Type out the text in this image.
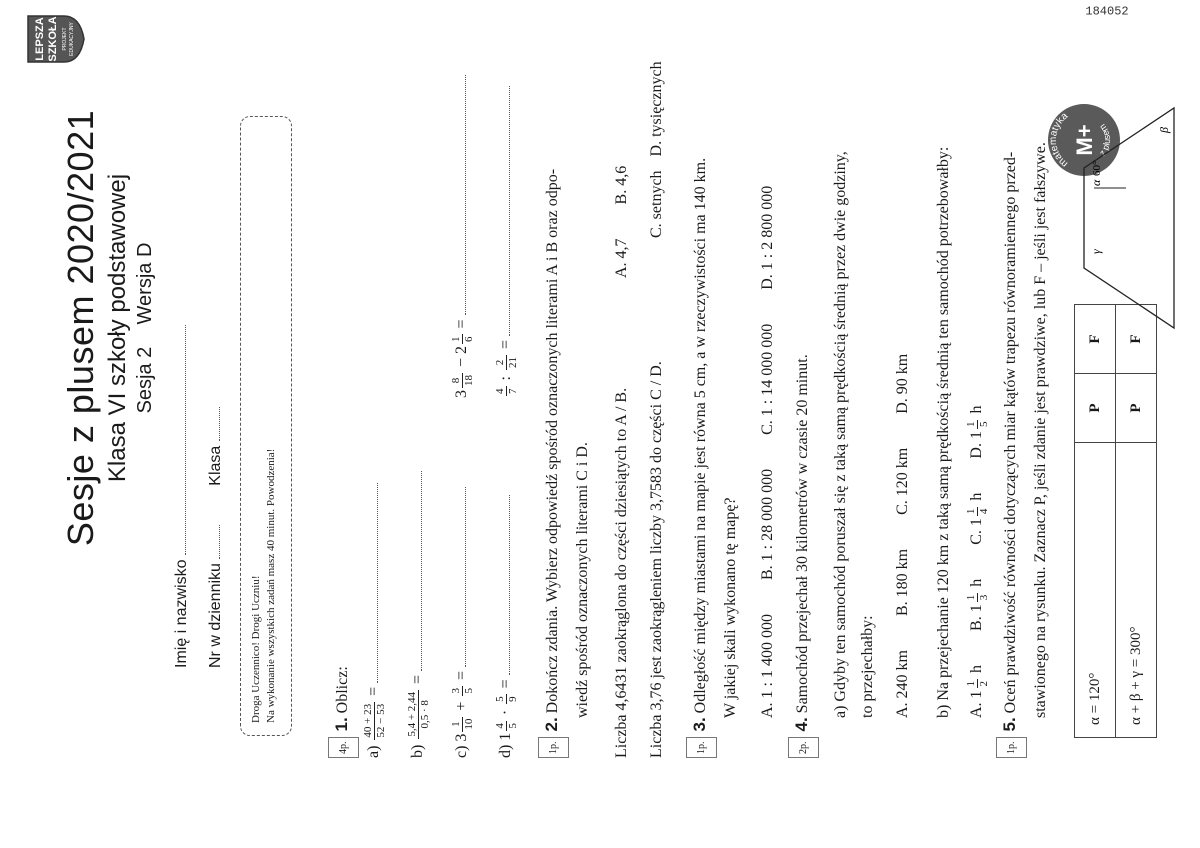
LEPSZA SZKOŁA PROJEKT EDUKACYJNY
matematyka
M+ z plusem
Sesje z plusem 2020/2021 Klasa VI szkoły podstawowej Sesja 2    Wersja D
Imię i nazwisko Nr w dzienniku   Klasa
Droga Uczennico! Drogi Uczniu! Na wykonanie wszystkich zadań masz 40 minut. Powodzenia!
4p.1.Oblicz:
a)
40 + 23 52 − 53
=
b)
5,4 + 2,44 0,5 · 8
=
c) 3
1 10
+
3 5
=
d) 1
4 5
·
5 9
=
3
8 18
− 2
1 6
=
4 7
:
2 21
=
1p.2.Dokończ zdania. Wybierz odpowiedź spośród oznaczonych literami A i B oraz odpo- wiedź spośród oznaczonych literami C i D.	Liczba 4,6431 zaokrąglona do części dziesiątych to A / B.A. 4,7B. 4,6
Liczba 3,76 jest zaokrągleniem liczby 3,7583 do części C / D.C. setnychD. tysięcznych
1p.3.Odległość między miastami na mapie jest równa 5 cm, a w rzeczywistości ma 140 km. W jakiej skali wykonano tę mapę?	A. 1 : 1 400 000B. 1 : 28 000 000C. 1 : 14 000 000D. 1 : 2 800 000
2p.4.Samochód przejechał 30 kilometrów w czasie 20 minut.	a) Gdyby ten samochód poruszał się z taką samą prędkością średnią przez dwie godziny, to przejechałby:	A. 240 kmB. 180 kmC. 120 kmD. 90 km	b) Na przejechanie 120 km z taką samą prędkością średnią ten samochód potrzebowałby:	A. 1
1 2
h B. 1
1 3
h C. 1
1 4
h D. 1
1 5
h
1p.5.Oceń prawdziwość równości dotyczących miar kątów trapezu równoramiennego przed- stawionego na rysunku. Zaznacz P, jeśli zdanie jest prawdziwe, lub F – jeśli jest fałszywe.	α = 120°	P	F
α + β + γ = 300°	P	F
γ
α
60°
β
184052
